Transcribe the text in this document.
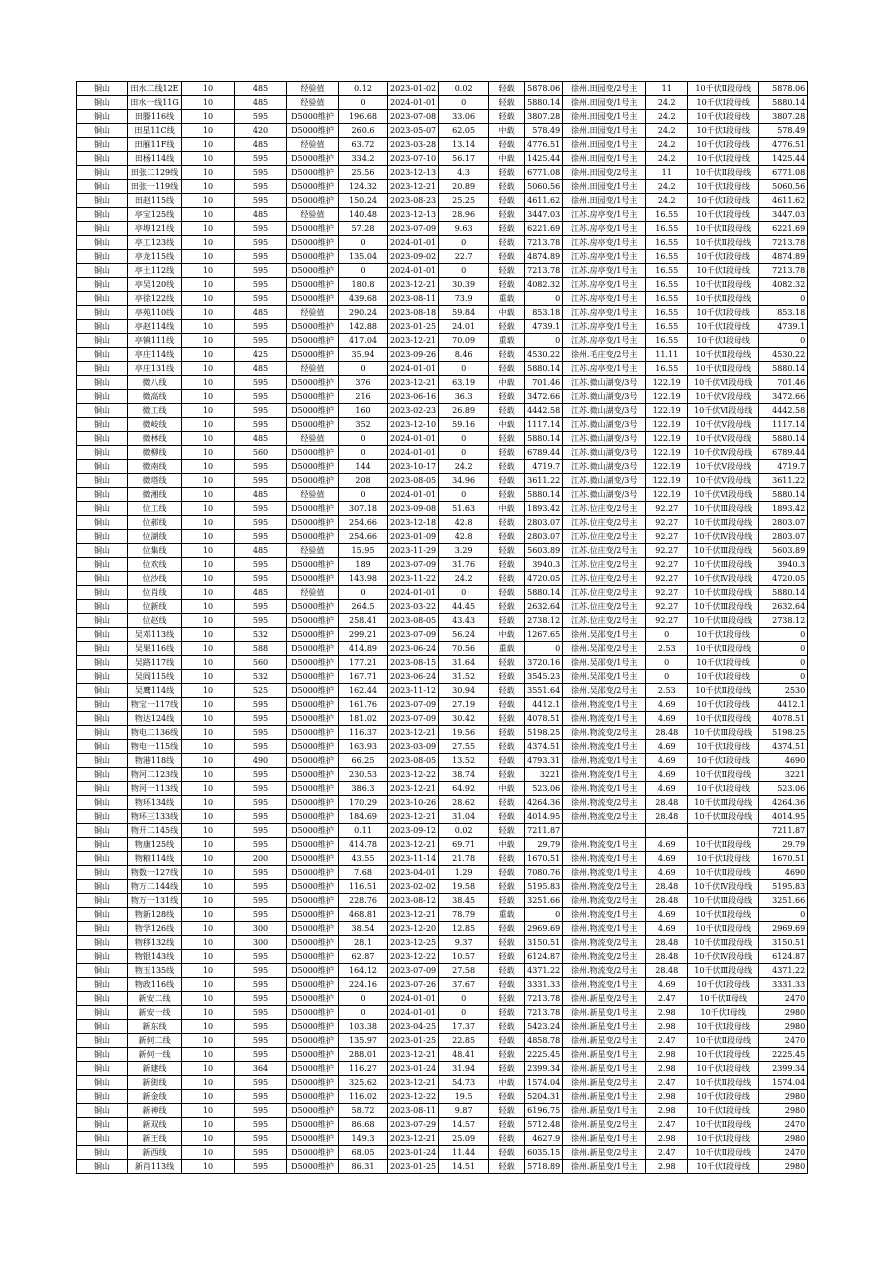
铜山	田水二线12E	10	485	经验值	0.12	2023-01-02	0.02	轻载	5878.06	徐州.田园变/2号主	11	10千伏Ⅱ段母线	5878.06
铜山	田水一线11G	10	485	经验值	0	2024-01-01	0	轻载	5880.14	徐州.田园变/1号主	24.2	10千伏Ⅰ段母线	5880.14
铜山	田滕116线	10	595	D5000维护	196.68	2023-07-08	33.06	轻载	3807.28	徐州.田园变/1号主	24.2	10千伏Ⅰ段母线	3807.28
铜山	田星11C线	10	420	D5000维护	260.6	2023-05-07	62.05	中载	578.49	徐州.田园变/1号主	24.2	10千伏Ⅰ段母线	578.49
铜山	田雁11F线	10	485	经验值	63.72	2023-03-28	13.14	轻载	4776.51	徐州.田园变/1号主	24.2	10千伏Ⅰ段母线	4776.51
铜山	田杨114线	10	595	D5000维护	334.2	2023-07-10	56.17	中载	1425.44	徐州.田园变/1号主	24.2	10千伏Ⅰ段母线	1425.44
铜山	田张二129线	10	595	D5000维护	25.56	2023-12-13	4.3	轻载	6771.08	徐州.田园变/2号主	11	10千伏Ⅱ段母线	6771.08
铜山	田张一119线	10	595	D5000维护	124.32	2023-12-21	20.89	轻载	5060.56	徐州.田园变/1号主	24.2	10千伏Ⅰ段母线	5060.56
铜山	田赵115线	10	595	D5000维护	150.24	2023-08-23	25.25	轻载	4611.62	徐州.田园变/1号主	24.2	10千伏Ⅰ段母线	4611.62
铜山	亭宝125线	10	485	经验值	140.48	2023-12-13	28.96	轻载	3447.03	江苏.房亭变/1号主	16.55	10千伏Ⅰ段母线	3447.03
铜山	亭埠121线	10	595	D5000维护	57.28	2023-07-09	9.63	轻载	6221.69	江苏.房亭变/1号主	16.55	10千伏Ⅱ段母线	6221.69
铜山	亭工123线	10	595	D5000维护	0	2024-01-01	0	轻载	7213.78	江苏.房亭变/1号主	16.55	10千伏Ⅱ段母线	7213.78
铜山	亭龙115线	10	595	D5000维护	135.04	2023-09-02	22.7	轻载	4874.89	江苏.房亭变/1号主	16.55	10千伏Ⅰ段母线	4874.89
铜山	亭土112线	10	595	D5000维护	0	2024-01-01	0	轻载	7213.78	江苏.房亭变/1号主	16.55	10千伏Ⅰ段母线	7213.78
铜山	亭吴120线	10	595	D5000维护	180.8	2023-12-21	30.39	轻载	4082.32	江苏.房亭变/1号主	16.55	10千伏Ⅱ段母线	4082.32
铜山	亭徐122线	10	595	D5000维护	439.68	2023-08-11	73.9	重载	0	江苏.房亭变/1号主	16.55	10千伏Ⅱ段母线	0
铜山	亭苑110线	10	485	经验值	290.24	2023-08-18	59.84	中载	853.18	江苏.房亭变/1号主	16.55	10千伏Ⅰ段母线	853.18
铜山	亭赵114线	10	595	D5000维护	142.88	2023-01-25	24.01	轻载	4739.1	江苏.房亭变/1号主	16.55	10千伏Ⅰ段母线	4739.1
铜山	亭镇111线	10	595	D5000维护	417.04	2023-12-21	70.09	重载	0	江苏.房亭变/1号主	16.55	10千伏Ⅰ段母线	0
铜山	亭庄114线	10	425	D5000维护	35.94	2023-09-26	8.46	轻载	4530.22	徐州.毛庄变/2号主	11.11	10千伏Ⅱ段母线	4530.22
铜山	亭庄131线	10	485	经验值	0	2024-01-01	0	轻载	5880.14	江苏.房亭变/1号主	16.55	10千伏Ⅱ段母线	5880.14
铜山	微八线	10	595	D5000维护	376	2023-12-21	63.19	中载	701.46	江苏.微山湖变/3号	122.19	10千伏Ⅵ段母线	701.46
铜山	微高线	10	595	D5000维护	216	2023-06-16	36.3	轻载	3472.66	江苏.微山湖变/3号	122.19	10千伏Ⅴ段母线	3472.66
铜山	微工线	10	595	D5000维护	160	2023-02-23	26.89	轻载	4442.58	江苏.微山湖变/3号	122.19	10千伏Ⅵ段母线	4442.58
铜山	微岐线	10	595	D5000维护	352	2023-12-10	59.16	中载	1117.14	江苏.微山湖变/3号	122.19	10千伏Ⅴ段母线	1117.14
铜山	微林线	10	485	经验值	0	2024-01-01	0	轻载	5880.14	江苏.微山湖变/3号	122.19	10千伏Ⅴ段母线	5880.14
铜山	微柳线	10	560	D5000维护	0	2024-01-01	0	轻载	6789.44	江苏.微山湖变/3号	122.19	10千伏Ⅳ段母线	6789.44
铜山	微南线	10	595	D5000维护	144	2023-10-17	24.2	轻载	4719.7	江苏.微山湖变/3号	122.19	10千伏Ⅴ段母线	4719.7
铜山	微塔线	10	595	D5000维护	208	2023-08-05	34.96	轻载	3611.22	江苏.微山湖变/3号	122.19	10千伏Ⅴ段母线	3611.22
铜山	微湘线	10	485	经验值	0	2024-01-01	0	轻载	5880.14	江苏.微山湖变/3号	122.19	10千伏Ⅵ段母线	5880.14
铜山	位工线	10	595	D5000维护	307.18	2023-09-08	51.63	中载	1893.42	江苏.位庄变/2号主	92.27	10千伏Ⅲ段母线	1893.42
铜山	位郝线	10	595	D5000维护	254.66	2023-12-18	42.8	轻载	2803.07	江苏.位庄变/2号主	92.27	10千伏Ⅲ段母线	2803.07
铜山	位湖线	10	595	D5000维护	254.66	2023-01-09	42.8	轻载	2803.07	江苏.位庄变/2号主	92.27	10千伏Ⅳ段母线	2803.07
铜山	位集线	10	485	经验值	15.95	2023-11-29	3.29	轻载	5603.89	江苏.位庄变/2号主	92.27	10千伏Ⅲ段母线	5603.89
铜山	位欢线	10	595	D5000维护	189	2023-07-09	31.76	轻载	3940.3	江苏.位庄变/2号主	92.27	10千伏Ⅲ段母线	3940.3
铜山	位沙线	10	595	D5000维护	143.98	2023-11-22	24.2	轻载	4720.05	江苏.位庄变/2号主	92.27	10千伏Ⅳ段母线	4720.05
铜山	位肖线	10	485	经验值	0	2024-01-01	0	轻载	5880.14	江苏.位庄变/2号主	92.27	10千伏Ⅲ段母线	5880.14
铜山	位新线	10	595	D5000维护	264.5	2023-03-22	44.45	轻载	2632.64	江苏.位庄变/2号主	92.27	10千伏Ⅲ段母线	2632.64
铜山	位赵线	10	595	D5000维护	258.41	2023-08-05	43.43	轻载	2738.12	江苏.位庄变/2号主	92.27	10千伏Ⅲ段母线	2738.12
铜山	吴邓113线	10	532	D5000维护	299.21	2023-07-09	56.24	中载	1267.65	徐州.吴邵变/1号主	0	10千伏Ⅰ段母线	0
铜山	吴果116线	10	588	D5000维护	414.89	2023-06-24	70.56	重载	0	徐州.吴邵变/2号主	2.53	10千伏Ⅱ段母线	0
铜山	吴路117线	10	560	D5000维护	177.21	2023-08-15	31.64	轻载	3720.16	徐州.吴邵变/1号主	0	10千伏Ⅰ段母线	0
铜山	吴阎115线	10	532	D5000维护	167.71	2023-06-24	31.52	轻载	3545.23	徐州.吴邵变/1号主	0	10千伏Ⅰ段母线	0
铜山	吴鹰114线	10	525	D5000维护	162.44	2023-11-12	30.94	轻载	3551.64	徐州.吴邵变/2号主	2.53	10千伏Ⅱ段母线	2530
铜山	物宝一117线	10	595	D5000维护	161.76	2023-07-09	27.19	轻载	4412.1	徐州.物流变/1号主	4.69	10千伏Ⅰ段母线	4412.1
铜山	物达124线	10	595	D5000维护	181.02	2023-07-09	30.42	轻载	4078.51	徐州.物流变/1号主	4.69	10千伏Ⅱ段母线	4078.51
铜山	物电二136线	10	595	D5000维护	116.37	2023-12-21	19.56	轻载	5198.25	徐州.物流变/2号主	28.48	10千伏Ⅲ段母线	5198.25
铜山	物电一115线	10	595	D5000维护	163.93	2023-03-09	27.55	轻载	4374.51	徐州.物流变/1号主	4.69	10千伏Ⅰ段母线	4374.51
铜山	物港118线	10	490	D5000维护	66.25	2023-08-05	13.52	轻载	4793.31	徐州.物流变/1号主	4.69	10千伏Ⅰ段母线	4690
铜山	物河二123线	10	595	D5000维护	230.53	2023-12-22	38.74	轻载	3221	徐州.物流变/1号主	4.69	10千伏Ⅱ段母线	3221
铜山	物河一113线	10	595	D5000维护	386.3	2023-12-21	64.92	中载	523.06	徐州.物流变/1号主	4.69	10千伏Ⅰ段母线	523.06
铜山	物环134线	10	595	D5000维护	170.29	2023-10-26	28.62	轻载	4264.36	徐州.物流变/2号主	28.48	10千伏Ⅲ段母线	4264.36
铜山	物环三133线	10	595	D5000维护	184.69	2023-12-21	31.04	轻载	4014.95	徐州.物流变/2号主	28.48	10千伏Ⅲ段母线	4014.95
铜山	物开二145线	10	595	D5000维护	0.11	2023-09-12	0.02	轻载	7211.87				7211.87
铜山	物康125线	10	595	D5000维护	414.78	2023-12-21	69.71	中载	29.79	徐州.物流变/1号主	4.69	10千伏Ⅱ段母线	29.79
铜山	物粮114线	10	200	D5000维护	43.55	2023-11-14	21.78	轻载	1670.51	徐州.物流变/1号主	4.69	10千伏Ⅰ段母线	1670.51
铜山	物数一127线	10	595	D5000维护	7.68	2023-04-01	1.29	轻载	7080.76	徐州.物流变/1号主	4.69	10千伏Ⅱ段母线	4690
铜山	物万二144线	10	595	D5000维护	116.51	2023-02-02	19.58	轻载	5195.83	徐州.物流变/2号主	28.48	10千伏Ⅳ段母线	5195.83
铜山	物万一131线	10	595	D5000维护	228.76	2023-08-12	38.45	轻载	3251.66	徐州.物流变/2号主	28.48	10千伏Ⅲ段母线	3251.66
铜山	物新128线	10	595	D5000维护	468.81	2023-12-21	78.79	重载	0	徐州.物流变/1号主	4.69	10千伏Ⅱ段母线	0
铜山	物学126线	10	300	D5000维护	38.54	2023-12-20	12.85	轻载	2969.69	徐州.物流变/1号主	4.69	10千伏Ⅱ段母线	2969.69
铜山	物移132线	10	300	D5000维护	28.1	2023-12-25	9.37	轻载	3150.51	徐州.物流变/2号主	28.48	10千伏Ⅲ段母线	3150.51
铜山	物银143线	10	595	D5000维护	62.87	2023-12-22	10.57	轻载	6124.87	徐州.物流变/2号主	28.48	10千伏Ⅳ段母线	6124.87
铜山	物玉135线	10	595	D5000维护	164.12	2023-07-09	27.58	轻载	4371.22	徐州.物流变/2号主	28.48	10千伏Ⅲ段母线	4371.22
铜山	物政116线	10	595	D5000维护	224.16	2023-07-26	37.67	轻载	3331.33	徐州.物流变/1号主	4.69	10千伏Ⅰ段母线	3331.33
铜山	新安二线	10	595	D5000维护	0	2024-01-01	0	轻载	7213.78	徐州.新星变/2号主	2.47	10千伏Ⅱ母线	2470
铜山	新安一线	10	595	D5000维护	0	2024-01-01	0	轻载	7213.78	徐州.新星变/1号主	2.98	10千伏Ⅰ母线	2980
铜山	新东线	10	595	D5000维护	103.38	2023-04-25	17.37	轻载	5423.24	徐州.新星变/1号主	2.98	10千伏Ⅰ段母线	2980
铜山	新何二线	10	595	D5000维护	135.97	2023-01-25	22.85	轻载	4858.78	徐州.新星变/2号主	2.47	10千伏Ⅱ段母线	2470
铜山	新何一线	10	595	D5000维护	288.01	2023-12-21	48.41	轻载	2225.45	徐州.新星变/1号主	2.98	10千伏Ⅰ段母线	2225.45
铜山	新建线	10	364	D5000维护	116.27	2023-01-24	31.94	轻载	2399.34	徐州.新星变/1号主	2.98	10千伏Ⅰ段母线	2399.34
铜山	新街线	10	595	D5000维护	325.62	2023-12-21	54.73	中载	1574.04	徐州.新星变/2号主	2.47	10千伏Ⅱ段母线	1574.04
铜山	新金线	10	595	D5000维护	116.02	2023-12-22	19.5	轻载	5204.31	徐州.新星变/1号主	2.98	10千伏Ⅰ段母线	2980
铜山	新神线	10	595	D5000维护	58.72	2023-08-11	9.87	轻载	6196.75	徐州.新星变/1号主	2.98	10千伏Ⅰ段母线	2980
铜山	新双线	10	595	D5000维护	86.68	2023-07-29	14.57	轻载	5712.48	徐州.新星变/2号主	2.47	10千伏Ⅱ段母线	2470
铜山	新王线	10	595	D5000维护	149.3	2023-12-21	25.09	轻载	4627.9	徐州.新星变/1号主	2.98	10千伏Ⅰ段母线	2980
铜山	新西线	10	595	D5000维护	68.05	2023-01-24	11.44	轻载	6035.15	徐州.新星变/2号主	2.47	10千伏Ⅱ段母线	2470
铜山	新肖113线	10	595	D5000维护	86.31	2023-01-25	14.51	轻载	5718.89	徐州.新星变/1号主	2.98	10千伏Ⅰ段母线	2980
